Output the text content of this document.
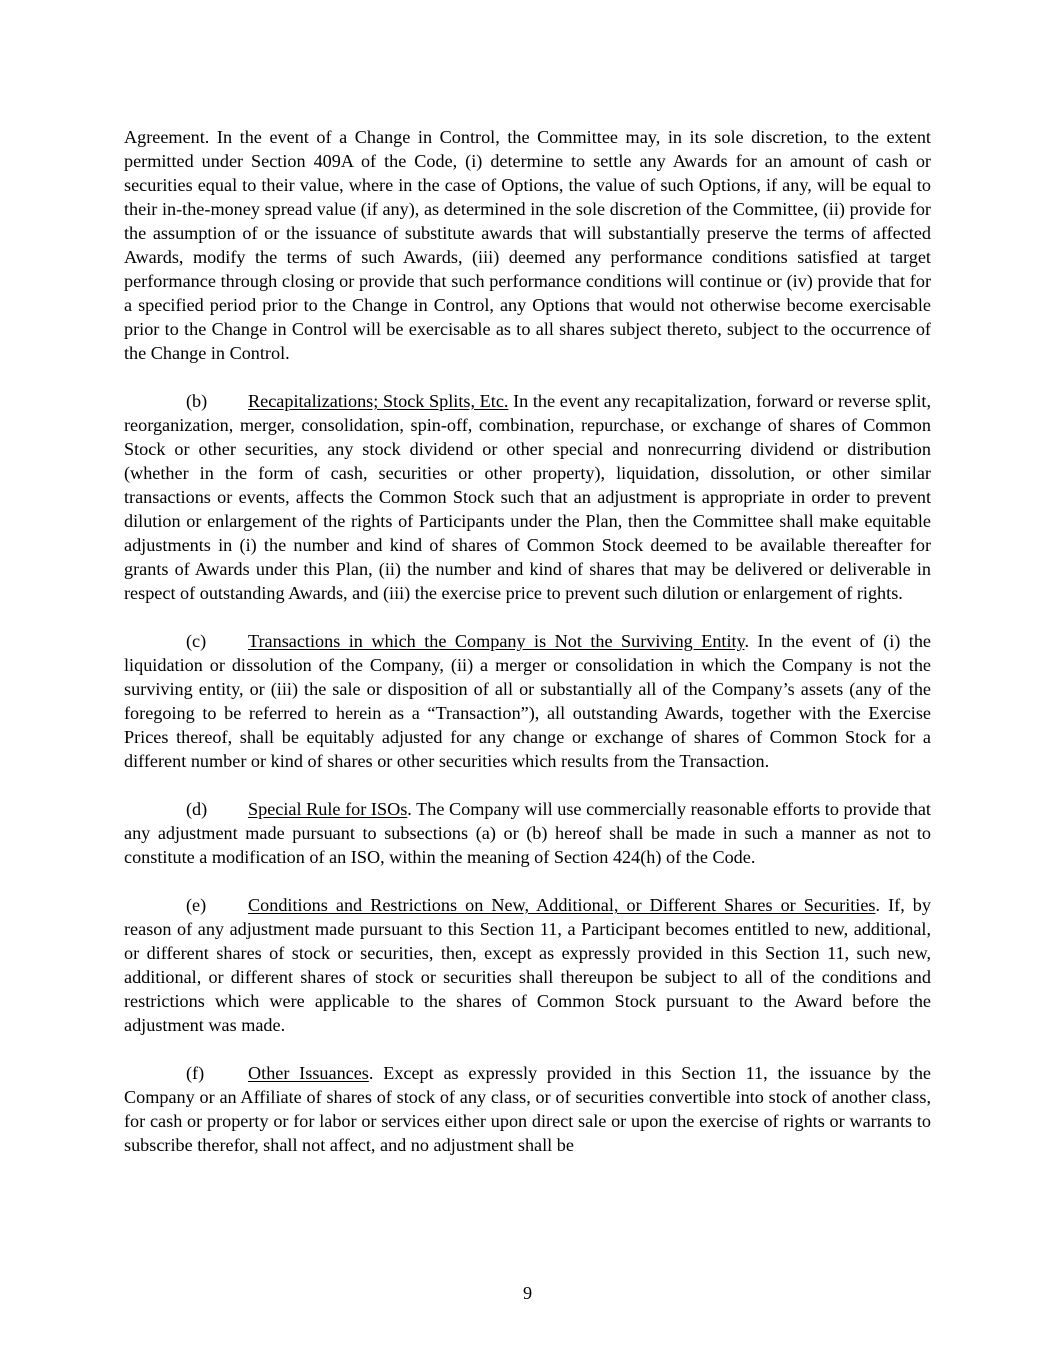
Agreement. In the event of a Change in Control, the Committee may, in its sole discretion, to the extent permitted under Section 409A of the Code, (i) determine to settle any Awards for an amount of cash or securities equal to their value, where in the case of Options, the value of such Options, if any, will be equal to their in-the-money spread value (if any), as determined in the sole discretion of the Committee, (ii) provide for the assumption of or the issuance of substitute awards that will substantially preserve the terms of affected Awards, modify the terms of such Awards, (iii) deemed any performance conditions satisfied at target performance through closing or provide that such performance conditions will continue or (iv) provide that for a specified period prior to the Change in Control, any Options that would not otherwise become exercisable prior to the Change in Control will be exercisable as to all shares subject thereto, subject to the occurrence of the Change in Control.

(b) Recapitalizations; Stock Splits, Etc. In the event any recapitalization, forward or reverse split, reorganization, merger, consolidation, spin-off, combination, repurchase, or exchange of shares of Common Stock or other securities, any stock dividend or other special and nonrecurring dividend or distribution (whether in the form of cash, securities or other property), liquidation, dissolution, or other similar transactions or events, affects the Common Stock such that an adjustment is appropriate in order to prevent dilution or enlargement of the rights of Participants under the Plan, then the Committee shall make equitable adjustments in (i) the number and kind of shares of Common Stock deemed to be available thereafter for grants of Awards under this Plan, (ii) the number and kind of shares that may be delivered or deliverable in respect of outstanding Awards, and (iii) the exercise price to prevent such dilution or enlargement of rights.

(c) Transactions in which the Company is Not the Surviving Entity. In the event of (i) the liquidation or dissolution of the Company, (ii) a merger or consolidation in which the Company is not the surviving entity, or (iii) the sale or disposition of all or substantially all of the Company’s assets (any of the foregoing to be referred to herein as a “Transaction”), all outstanding Awards, together with the Exercise Prices thereof, shall be equitably adjusted for any change or exchange of shares of Common Stock for a different number or kind of shares or other securities which results from the Transaction.

(d) Special Rule for ISOs. The Company will use commercially reasonable efforts to provide that any adjustment made pursuant to subsections (a) or (b) hereof shall be made in such a manner as not to constitute a modification of an ISO, within the meaning of Section 424(h) of the Code.

(e) Conditions and Restrictions on New, Additional, or Different Shares or Securities. If, by reason of any adjustment made pursuant to this Section 11, a Participant becomes entitled to new, additional, or different shares of stock or securities, then, except as expressly provided in this Section 11, such new, additional, or different shares of stock or securities shall thereupon be subject to all of the conditions and restrictions which were applicable to the shares of Common Stock pursuant to the Award before the adjustment was made.

(f) Other Issuances. Except as expressly provided in this Section 11, the issuance by the Company or an Affiliate of shares of stock of any class, or of securities convertible into stock of another class, for cash or property or for labor or services either upon direct sale or upon the exercise of rights or warrants to subscribe therefor, shall not affect, and no adjustment shall be

9
